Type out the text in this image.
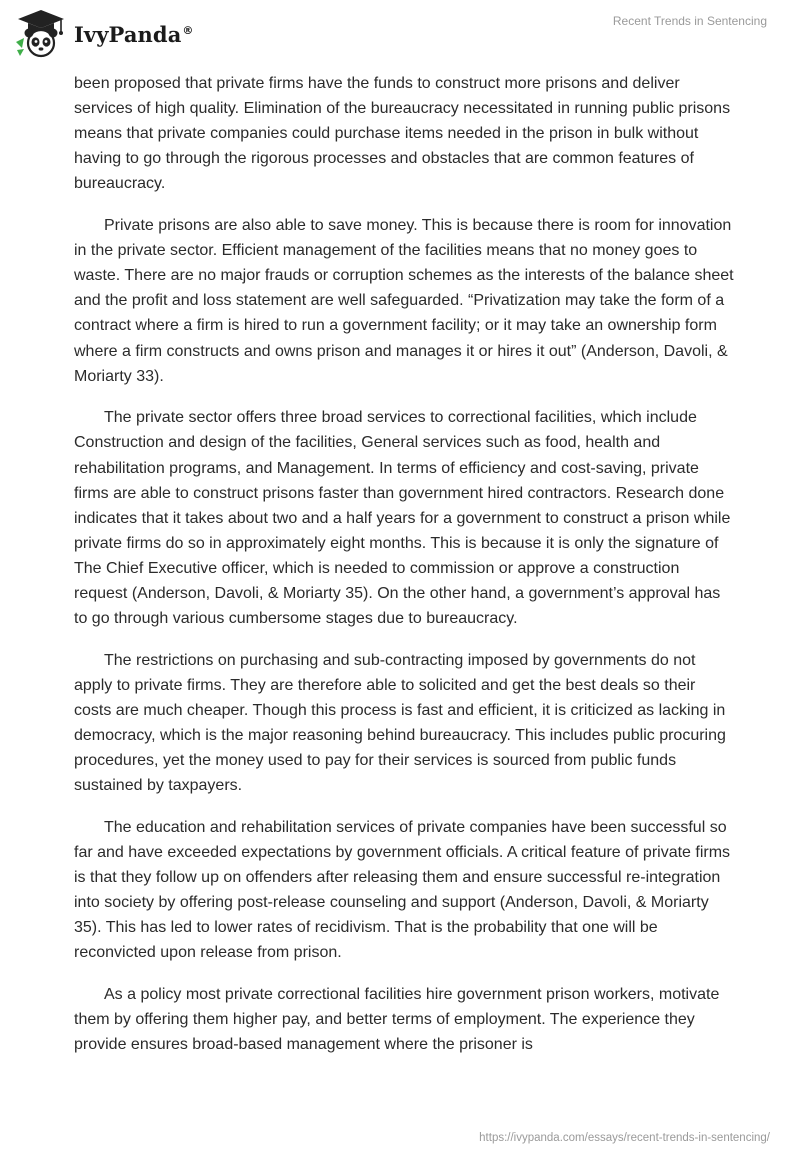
IvyPanda®
Recent Trends in Sentencing

been proposed that private firms have the funds to construct more prisons and deliver services of high quality. Elimination of the bureaucracy necessitated in running public prisons means that private companies could purchase items needed in the prison in bulk without having to go through the rigorous processes and obstacles that are common features of bureaucracy.

Private prisons are also able to save money. This is because there is room for innovation in the private sector. Efficient management of the facilities means that no money goes to waste. There are no major frauds or corruption schemes as the interests of the balance sheet and the profit and loss statement are well safeguarded. “Privatization may take the form of a contract where a firm is hired to run a government facility; or it may take an ownership form where a firm constructs and owns prison and manages it or hires it out” (Anderson, Davoli, & Moriarty 33).

The private sector offers three broad services to correctional facilities, which include Construction and design of the facilities, General services such as food, health and rehabilitation programs, and Management. In terms of efficiency and cost-saving, private firms are able to construct prisons faster than government hired contractors. Research done indicates that it takes about two and a half years for a government to construct a prison while private firms do so in approximately eight months. This is because it is only the signature of The Chief Executive officer, which is needed to commission or approve a construction request (Anderson, Davoli, & Moriarty 35). On the other hand, a government’s approval has to go through various cumbersome stages due to bureaucracy.

The restrictions on purchasing and sub-contracting imposed by governments do not apply to private firms. They are therefore able to solicited and get the best deals so their costs are much cheaper. Though this process is fast and efficient, it is criticized as lacking in democracy, which is the major reasoning behind bureaucracy. This includes public procuring procedures, yet the money used to pay for their services is sourced from public funds sustained by taxpayers.

The education and rehabilitation services of private companies have been successful so far and have exceeded expectations by government officials. A critical feature of private firms is that they follow up on offenders after releasing them and ensure successful re-integration into society by offering post-release counseling and support (Anderson, Davoli, & Moriarty 35). This has led to lower rates of recidivism. That is the probability that one will be reconvicted upon release from prison.

As a policy most private correctional facilities hire government prison workers, motivate them by offering them higher pay, and better terms of employment. The experience they provide ensures broad-based management where the prisoner is

https://ivypanda.com/essays/recent-trends-in-sentencing/
